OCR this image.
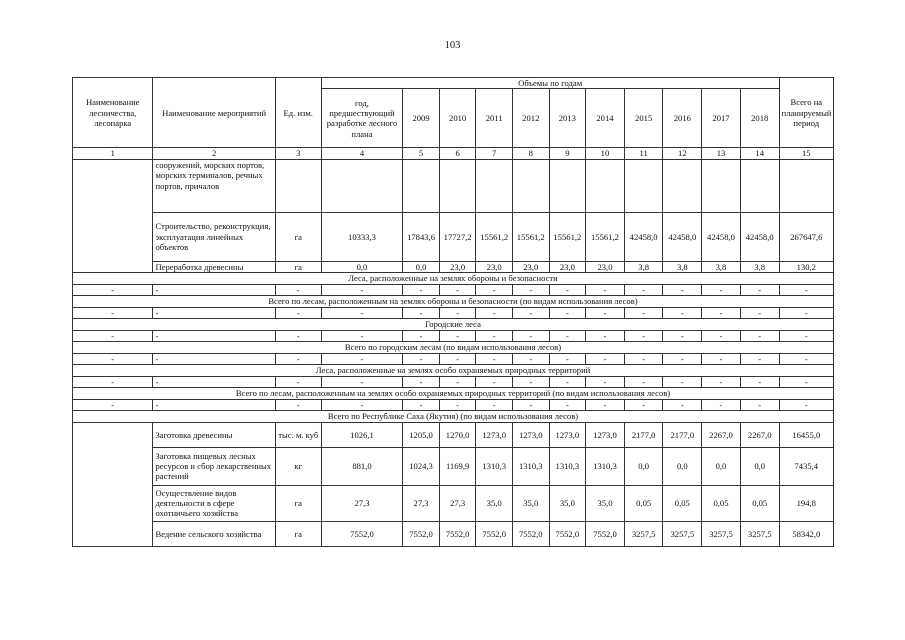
103
Наименование лесничества, лесопарка	Наименование мероприятий	Ед. изм.	Объемы по годам											Всего на планируемый период
			год, предшествующий разработке лесного плана	2009	2010	2011	2012	2013	2014	2015	2016	2017	2018	
1	2	3	4	5	6	7	8	9	10	11	12	13	14	15
	сооружений, морских портов, морских терминалов, речных портов, причалов													
	Строительство, реконструкция, эксплуатация линейных объектов	га	10333,3	17843,6	17727,2	15561,2	15561,2	15561,2	15561,2	42458,0	42458,0	42458,0	42458,0	267647,6
	Переработка древесины	га	0,0	0,0	23,0	23,0	23,0	23,0	23,0	3,8	3,8	3,8	3,8	130,2
Леса, расположенные на землях обороны и безопасности														
-	-	-	-	-	-	-	-	-	-	-	-	-	-	-
Всего по лесам, расположенным на землях обороны и безопасности (по видам использования лесов)														
-	-	-	-	-	-	-	-	-	-	-	-	-	-	-
Городские леса														
-	-	-	-	-	-	-	-	-	-	-	-	-	-	-
Всего по городским лесам (по видам использования лесов)														
-	-	-	-	-	-	-	-	-	-	-	-	-	-	-
Леса, расположенные на землях особо охраняемых природных территорий														
-	-	-	-	-	-	-	-	-	-	-	-	-	-	-
Всего по лесам, расположенным на землях особо охраняемых природных территорий (по видам использования лесов)														
-	-	-	-	-	-	-	-	-	-	-	-	-	-	-
Всего по Республике Саха (Якутия) (по видам использования лесов)														
	Заготовка древесины	тыс. м. куб	1026,1	1205,0	1270,0	1273,0	1273,0	1273,0	1273,0	2177,0	2177,0	2267,0	2267,0	16455,0
	Заготовка пищевых лесных ресурсов и сбор лекарственных растений	кг	881,0	1024,3	1169,9	1310,3	1310,3	1310,3	1310,3	0,0	0,0	0,0	0,0	7435,4
	Осуществление видов деятельности в сфере охотничьего хозяйства	га	27,3	27,3	27,3	35,0	35,0	35,0	35,0	0,05	0,05	0,05	0,05	194,8
	Ведение сельского хозяйства	га	7552,0	7552,0	7552,0	7552,0	7552,0	7552,0	7552,0	3257,5	3257,5	3257,5	3257,5	58342,0
